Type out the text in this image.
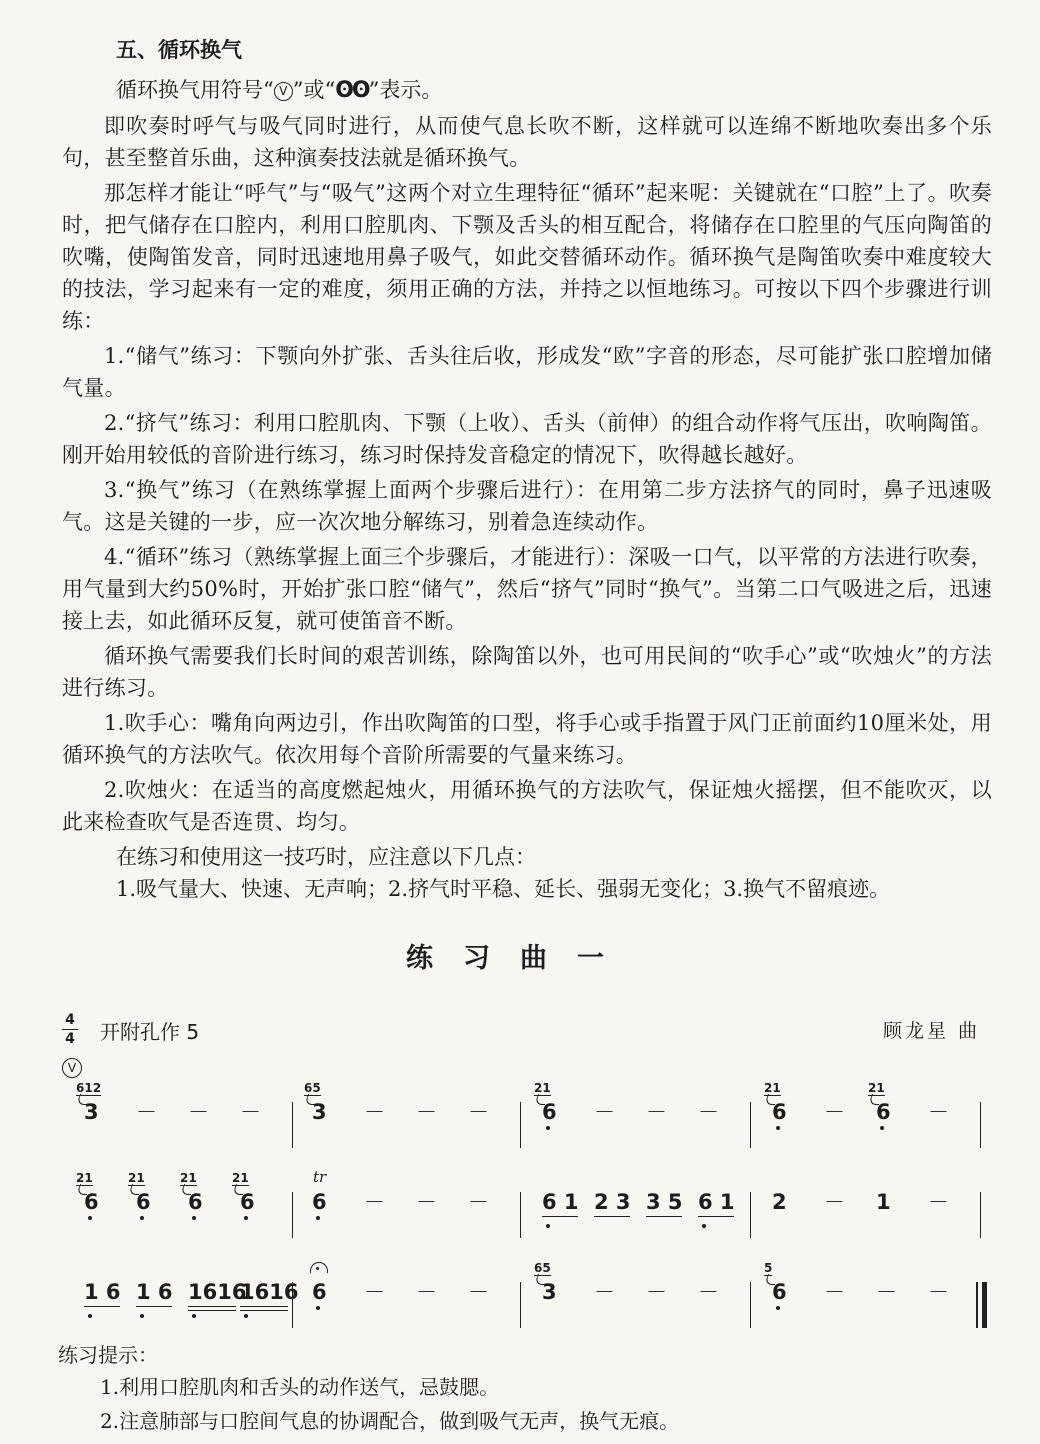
五、循环换气

循环换气用符号“ V ”或“ʘʘ”表示。

即吹奏时呼气与吸气同时进行，从而使气息长吹不断，这样就可以连绵不断地吹奏出多个乐句，甚至整首乐曲，这种演奏技法就是循环换气。

那怎样才能让“呼气”与“吸气”这两个对立生理特征“循环”起来呢：关键就在“口腔”上了。吹奏时，把气储存在口腔内，利用口腔肌肉、下颚及舌头的相互配合，将储存在口腔里的气压向陶笛的吹嘴，使陶笛发音，同时迅速地用鼻子吸气，如此交替循环动作。循环换气是陶笛吹奏中难度较大的技法，学习起来有一定的难度，须用正确的方法，并持之以恒地练习。可按以下四个步骤进行训练：

1.“储气”练习：下颚向外扩张、舌头往后收，形成发“欧”字音的形态，尽可能扩张口腔增加储气量。

2.“挤气”练习：利用口腔肌肉、下颚（上收）、舌头（前伸）的组合动作将气压出，吹响陶笛。刚开始用较低的音阶进行练习，练习时保持发音稳定的情况下，吹得越长越好。

3.“换气”练习（在熟练掌握上面两个步骤后进行）：在用第二步方法挤气的同时，鼻子迅速吸气。这是关键的一步，应一次次地分解练习，别着急连续动作。

4.“循环”练习（熟练掌握上面三个步骤后，才能进行）：深吸一口气，以平常的方法进行吹奏，用气量到大约50%时，开始扩张口腔“储气”，然后“挤气”同时“换气”。当第二口气吸进之后，迅速接上去，如此循环反复，就可使笛音不断。

循环换气需要我们长时间的艰苦训练，除陶笛以外，也可用民间的“吹手心”或“吹烛火”的方法进行练习。

1.吹手心：嘴角向两边引，作出吹陶笛的口型，将手心或手指置于风门正前面约10厘米处，用循环换气的方法吹气。依次用每个音阶所需要的气量来练习。

2.吹烛火：在适当的高度燃起烛火，用循环换气的方法吹气，保证烛火摇摆，但不能吹灭，以此来检查吹气是否连贯、均匀。

在练习和使用这一技巧时，应注意以下几点：

1.吸气量大、快速、无声响；2.挤气时平稳、延长、强弱无变化；3.换气不留痕迹。

练习曲一
4
4 开附孔作 5	顾龙星 曲
V
3
612
－ － － 3
65
－ － －	6
21
－ － －	6
21
－ 6
21
－
6
21
6
21
6
21
6
21
6
tr
－ － －	6 1 2 3 3 5 6 1 2 － 1 －
1 6 1 6 1616
1616 6 － － －	3
65
－ － －	6
5
－ － －

练习提示：

1.利用口腔肌肉和舌头的动作送气，忌鼓腮。

2.注意肺部与口腔间气息的协调配合，做到吸气无声，换气无痕。
